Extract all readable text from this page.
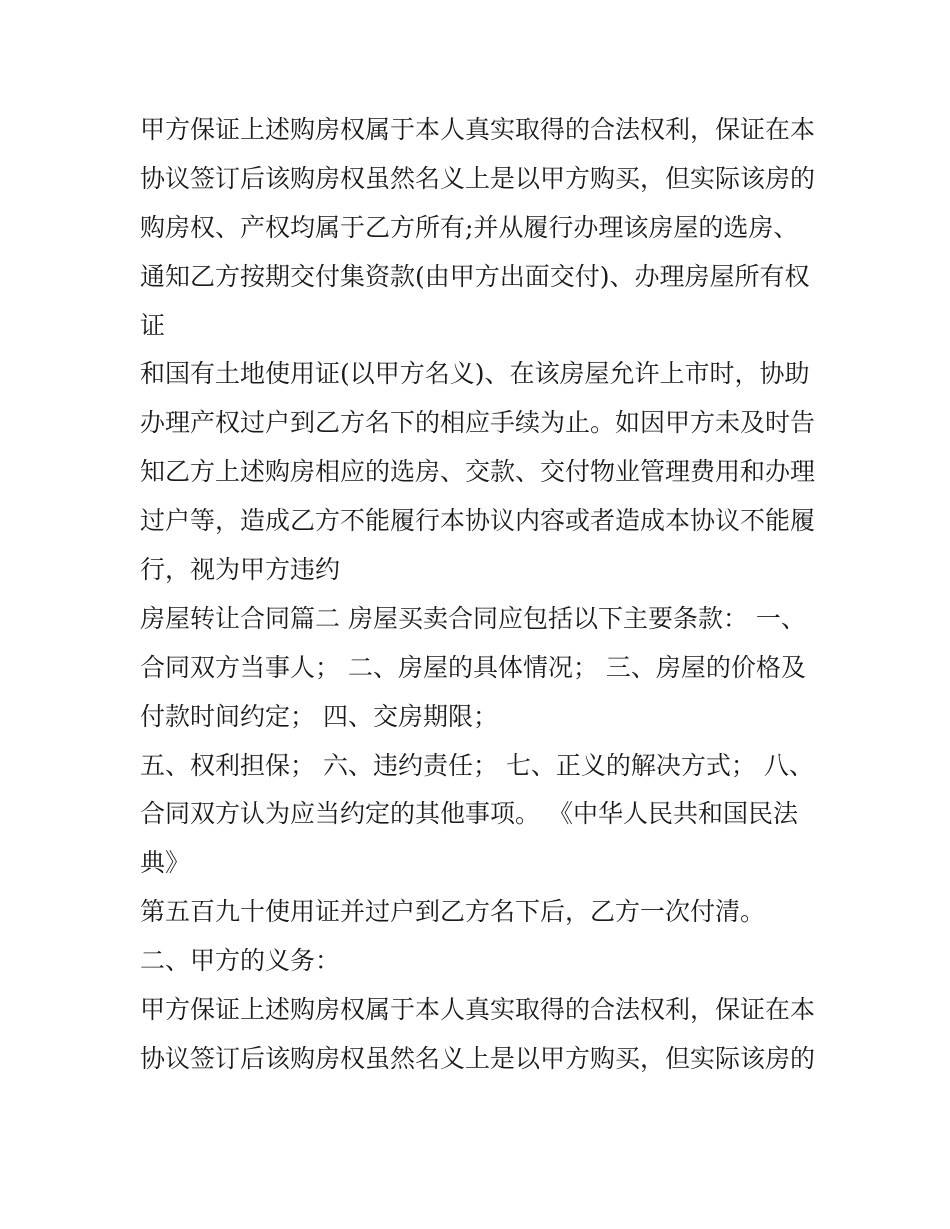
甲方保证上述购房权属于本人真实取得的合法权利，保证在本
协议签订后该购房权虽然名义上是以甲方购买，但实际该房的
购房权、产权均属于乙方所有;并从履行办理该房屋的选房、
通知乙方按期交付集资款(由甲方出面交付)、办理房屋所有权
证
和国有土地使用证(以甲方名义)、在该房屋允许上市时，协助
办理产权过户到乙方名下的相应手续为止。如因甲方未及时告
知乙方上述购房相应的选房、交款、交付物业管理费用和办理
过户等，造成乙方不能履行本协议内容或者造成本协议不能履
行，视为甲方违约
房屋转让合同篇二 房屋买卖合同应包括以下主要条款： 一、
合同双方当事人； 二、房屋的具体情况； 三、房屋的价格及
付款时间约定； 四、交房期限；
五、权利担保； 六、违约责任； 七、正义的解决方式； 八、
合同双方认为应当约定的其他事项。 《中华人民共和国民法
典》
第五百九十使用证并过户到乙方名下后，乙方一次付清。
二、甲方的义务：
甲方保证上述购房权属于本人真实取得的合法权利，保证在本
协议签订后该购房权虽然名义上是以甲方购买，但实际该房的
